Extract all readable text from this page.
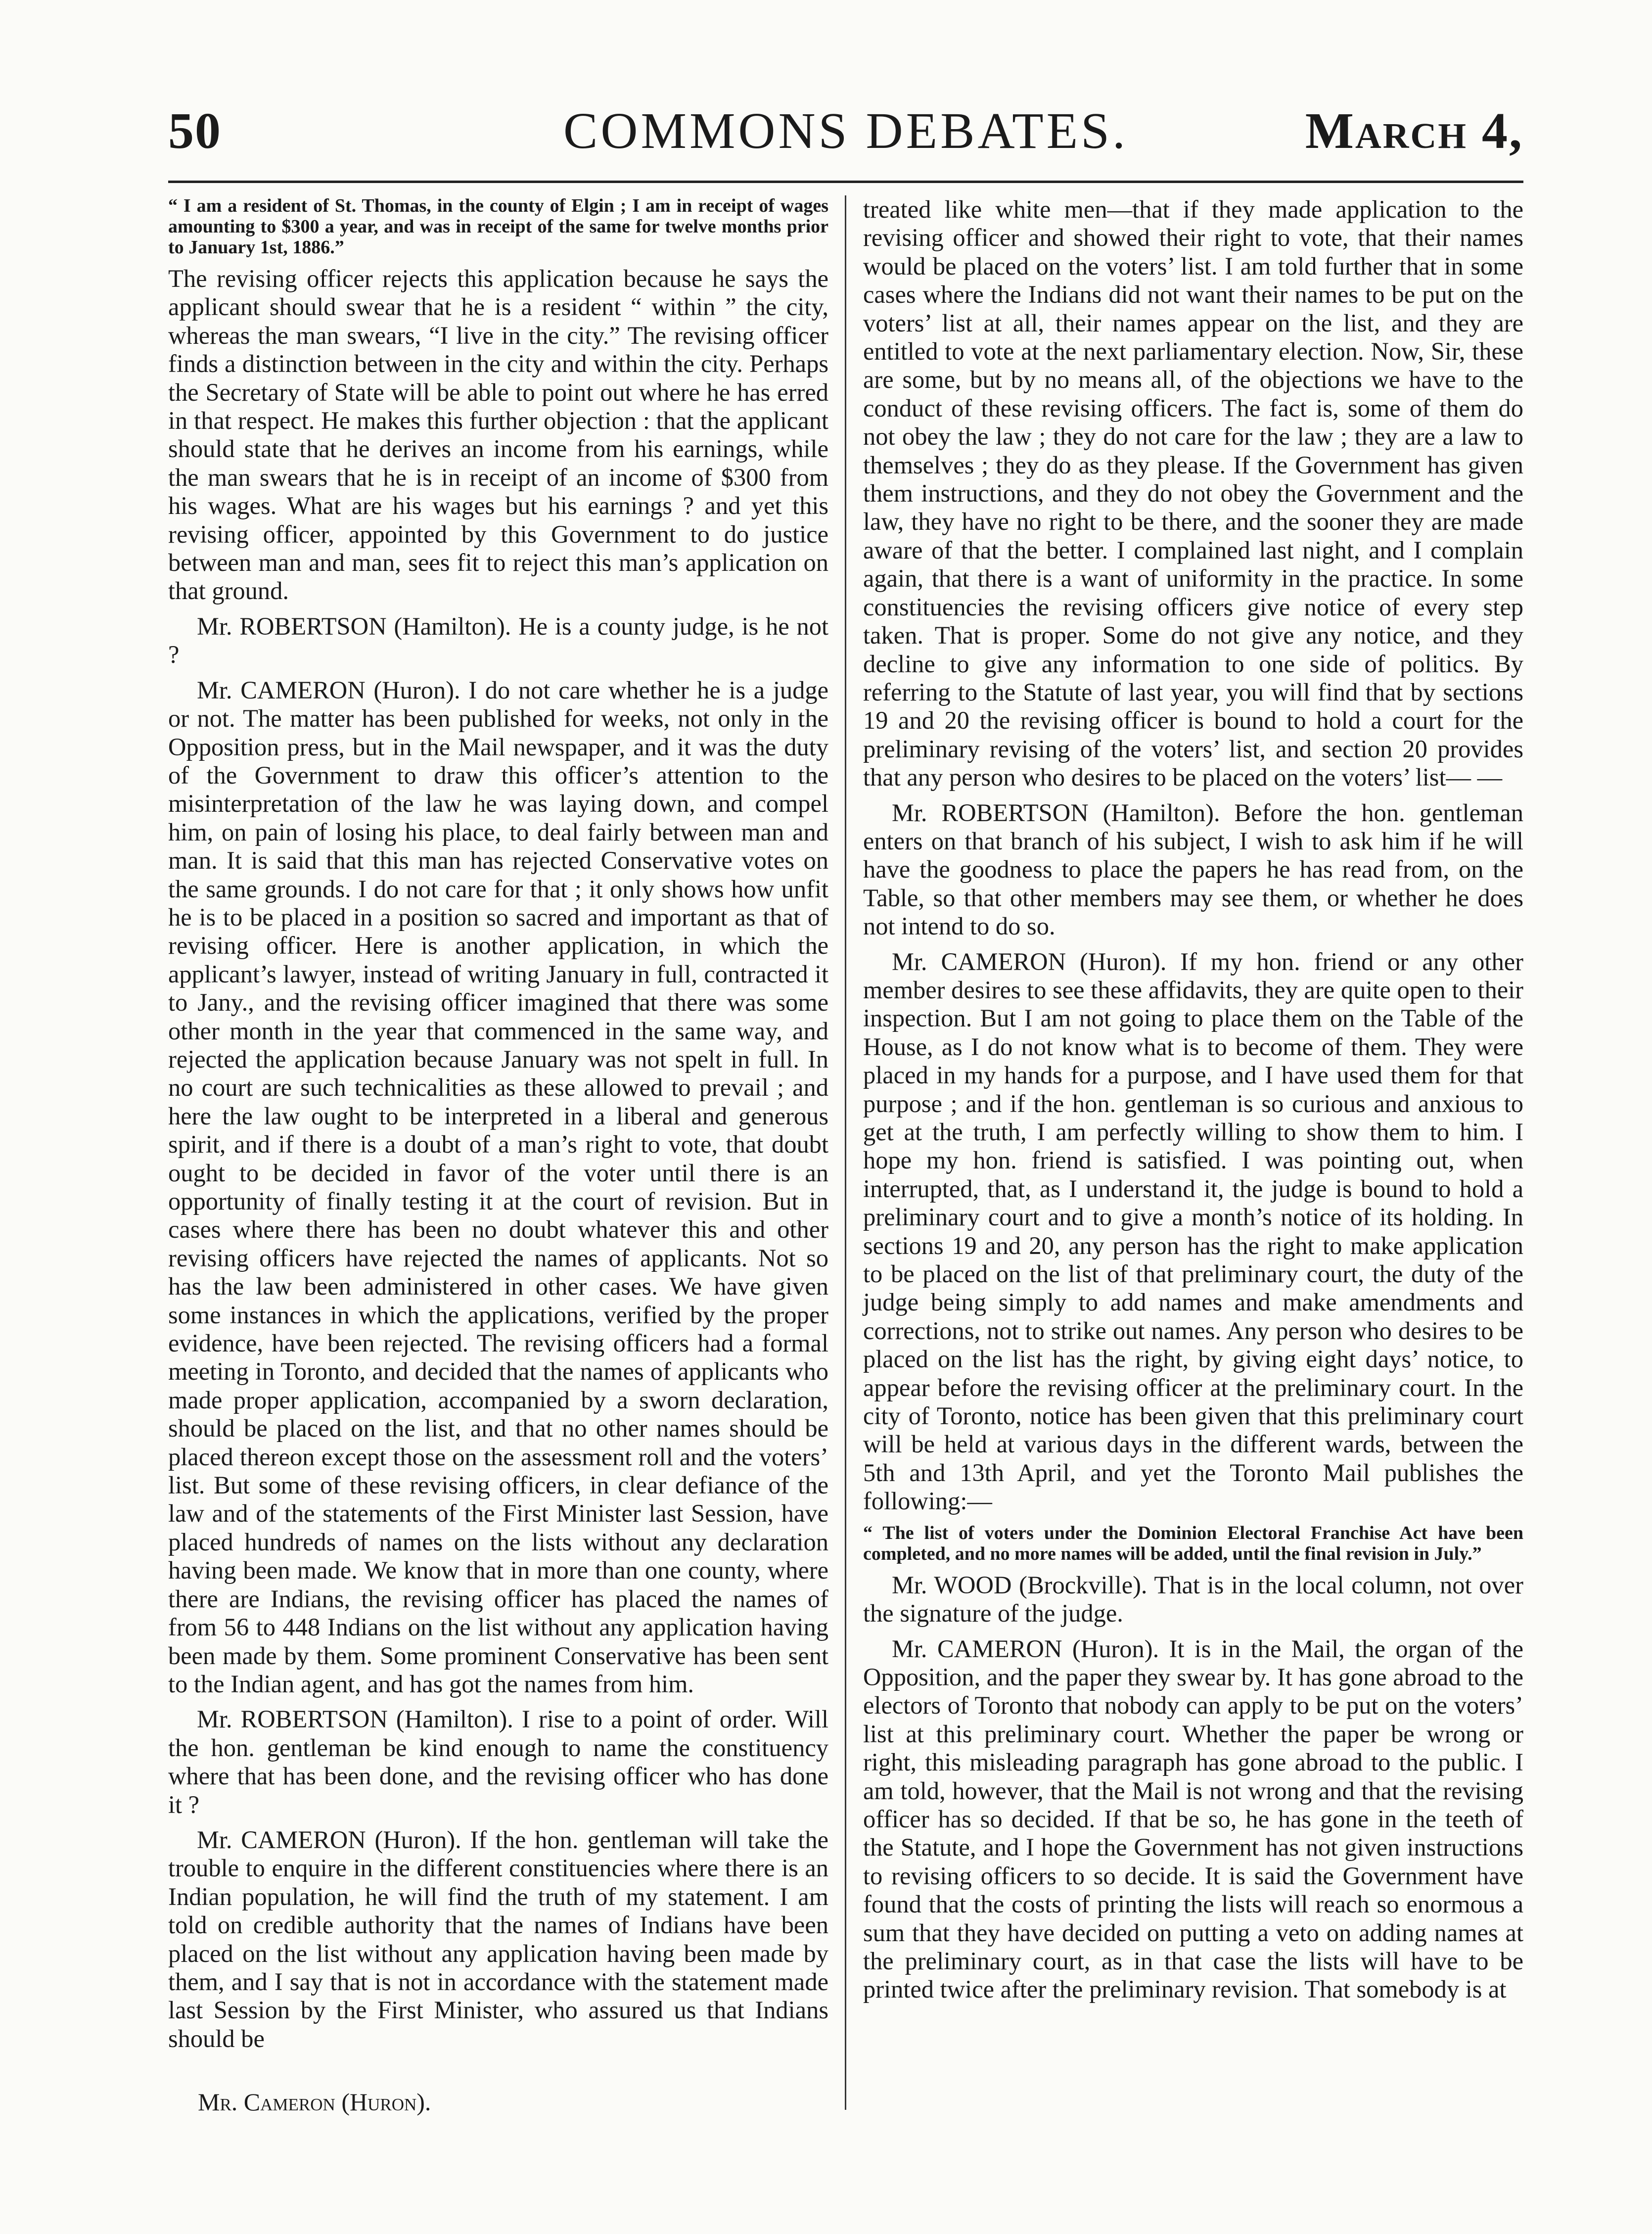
50	COMMONS DEBATES.	March 4,

“ I am a resident of St. Thomas, in the county of Elgin ; I am in receipt of wages amounting to $300 a year, and was in receipt of the same for twelve months prior to January 1st, 1886.”

The revising officer rejects this application because he says the applicant should swear that he is a resident “ within ” the city, whereas the man swears, “I live in the city.” The revising officer finds a distinction between in the city and within the city. Perhaps the Secretary of State will be able to point out where he has erred in that respect. He makes this further objection : that the applicant should state that he derives an income from his earnings, while the man swears that he is in receipt of an income of $300 from his wages. What are his wages but his earnings ? and yet this revising officer, appointed by this Government to do justice between man and man, sees fit to reject this man’s application on that ground.

Mr. ROBERTSON (Hamilton). He is a county judge, is he not ?

Mr. CAMERON (Huron). I do not care whether he is a judge or not. The matter has been published for weeks, not only in the Opposition press, but in the Mail newspaper, and it was the duty of the Government to draw this officer’s attention to the misinterpretation of the law he was laying down, and compel him, on pain of losing his place, to deal fairly between man and man. It is said that this man has rejected Conservative votes on the same grounds. I do not care for that ; it only shows how unfit he is to be placed in a position so sacred and important as that of revising officer. Here is another application, in which the applicant’s lawyer, instead of writing January in full, contracted it to Jany., and the revising officer imagined that there was some other month in the year that commenced in the same way, and rejected the application because January was not spelt in full. In no court are such technicalities as these allowed to prevail ; and here the law ought to be interpreted in a liberal and generous spirit, and if there is a doubt of a man’s right to vote, that doubt ought to be decided in favor of the voter until there is an opportunity of finally testing it at the court of revision. But in cases where there has been no doubt whatever this and other revising officers have rejected the names of applicants. Not so has the law been administered in other cases. We have given some instances in which the applications, verified by the proper evidence, have been rejected. The revising officers had a formal meeting in Toronto, and decided that the names of applicants who made proper application, accompanied by a sworn declaration, should be placed on the list, and that no other names should be placed thereon except those on the assessment roll and the voters’ list. But some of these revising officers, in clear defiance of the law and of the statements of the First Minister last Session, have placed hundreds of names on the lists without any declaration having been made. We know that in more than one county, where there are Indians, the revising officer has placed the names of from 56 to 448 Indians on the list without any application having been made by them. Some prominent Conservative has been sent to the Indian agent, and has got the names from him.

Mr. ROBERTSON (Hamilton). I rise to a point of order. Will the hon. gentleman be kind enough to name the constituency where that has been done, and the revising officer who has done it ?

Mr. CAMERON (Huron). If the hon. gentleman will take the trouble to enquire in the different constituencies where there is an Indian population, he will find the truth of my statement. I am told on credible authority that the names of Indians have been placed on the list without any application having been made by them, and I say that is not in accordance with the statement made last Session by the First Minister, who assured us that Indians should be

Mr. Cameron (Huron).

treated like white men—that if they made application to the revising officer and showed their right to vote, that their names would be placed on the voters’ list. I am told further that in some cases where the Indians did not want their names to be put on the voters’ list at all, their names appear on the list, and they are entitled to vote at the next parliamentary election. Now, Sir, these are some, but by no means all, of the objections we have to the conduct of these revising officers. The fact is, some of them do not obey the law ; they do not care for the law ; they are a law to themselves ; they do as they please. If the Government has given them instructions, and they do not obey the Government and the law, they have no right to be there, and the sooner they are made aware of that the better. I complained last night, and I complain again, that there is a want of uniformity in the practice. In some constituencies the revising officers give notice of every step taken. That is proper. Some do not give any notice, and they decline to give any information to one side of politics. By referring to the Statute of last year, you will find that by sections 19 and 20 the revising officer is bound to hold a court for the preliminary revising of the voters’ list, and section 20 provides that any person who desires to be placed on the voters’ list— —

Mr. ROBERTSON (Hamilton). Before the hon. gentleman enters on that branch of his subject, I wish to ask him if he will have the goodness to place the papers he has read from, on the Table, so that other members may see them, or whether he does not intend to do so.

Mr. CAMERON (Huron). If my hon. friend or any other member desires to see these affidavits, they are quite open to their inspection. But I am not going to place them on the Table of the House, as I do not know what is to become of them. They were placed in my hands for a purpose, and I have used them for that purpose ; and if the hon. gentleman is so curious and anxious to get at the truth, I am perfectly willing to show them to him. I hope my hon. friend is satisfied. I was pointing out, when interrupted, that, as I understand it, the judge is bound to hold a preliminary court and to give a month’s notice of its holding. In sections 19 and 20, any person has the right to make application to be placed on the list of that preliminary court, the duty of the judge being simply to add names and make amendments and corrections, not to strike out names. Any person who desires to be placed on the list has the right, by giving eight days’ notice, to appear before the revising officer at the preliminary court. In the city of Toronto, notice has been given that this preliminary court will be held at various days in the different wards, between the 5th and 13th April, and yet the Toronto Mail publishes the following:—

“ The list of voters under the Dominion Electoral Franchise Act have been completed, and no more names will be added, until the final revision in July.”

Mr. WOOD (Brockville). That is in the local column, not over the signature of the judge.

Mr. CAMERON (Huron). It is in the Mail, the organ of the Opposition, and the paper they swear by. It has gone abroad to the electors of Toronto that nobody can apply to be put on the voters’ list at this preliminary court. Whether the paper be wrong or right, this misleading paragraph has gone abroad to the public. I am told, however, that the Mail is not wrong and that the revising officer has so decided. If that be so, he has gone in the teeth of the Statute, and I hope the Government has not given instructions to revising officers to so decide. It is said the Government have found that the costs of printing the lists will reach so enormous a sum that they have decided on putting a veto on adding names at the preliminary court, as in that case the lists will have to be printed twice after the preliminary revision. That somebody is at
